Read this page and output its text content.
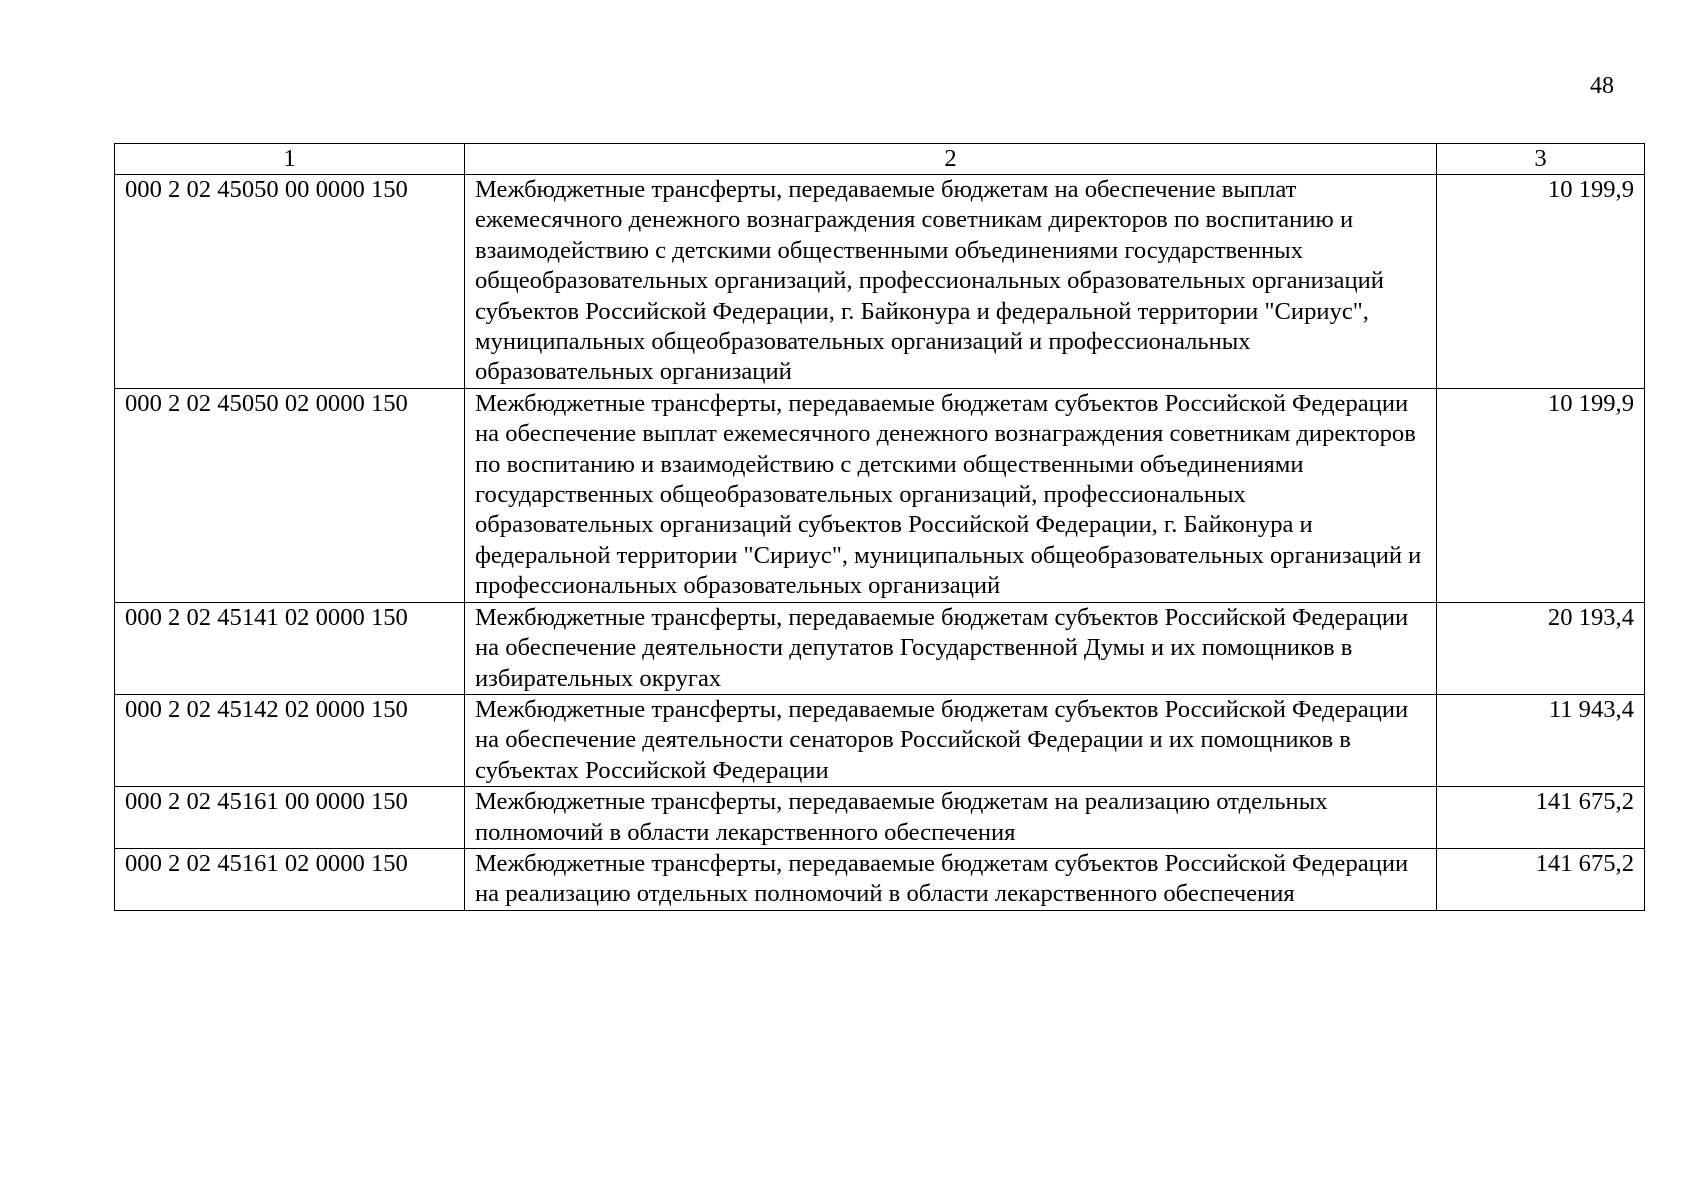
48
1	2	3
000 2 02 45050 00 0000 150	Межбюджетные трансферты, передаваемые бюджетам на обеспечение выплат ежемесячного денежного вознаграждения советникам директоров по воспитанию и взаимодействию с детскими общественными объединениями государственных общеобразовательных организаций, профессиональных образовательных организаций субъектов Российской Федерации, г. Байконура и федеральной территории "Сириус", муниципальных общеобразовательных организаций и профессиональных образовательных организаций	10 199,9
000 2 02 45050 02 0000 150	Межбюджетные трансферты, передаваемые бюджетам субъектов Российской Федерации на обеспечение выплат ежемесячного денежного вознаграждения советникам директоров по воспитанию и взаимодействию с детскими общественными объединениями государственных общеобразовательных организаций, профессиональных образовательных организаций субъектов Российской Федерации, г. Байконура и федеральной территории "Сириус", муниципальных общеобразовательных организаций и профессиональных образовательных организаций	10 199,9
000 2 02 45141 02 0000 150	Межбюджетные трансферты, передаваемые бюджетам субъектов Российской Федерации на обеспечение деятельности депутатов Государственной Думы и их помощников в избирательных округах	20 193,4
000 2 02 45142 02 0000 150	Межбюджетные трансферты, передаваемые бюджетам субъектов Российской Федерации на обеспечение деятельности сенаторов Российской Федерации и их помощников в субъектах Российской Федерации	11 943,4
000 2 02 45161 00 0000 150	Межбюджетные трансферты, передаваемые бюджетам на реализацию отдельных полномочий в области лекарственного обеспечения	141 675,2
000 2 02 45161 02 0000 150	Межбюджетные трансферты, передаваемые бюджетам субъектов Российской Федерации на реализацию отдельных полномочий в области лекарственного обеспечения	141 675,2
